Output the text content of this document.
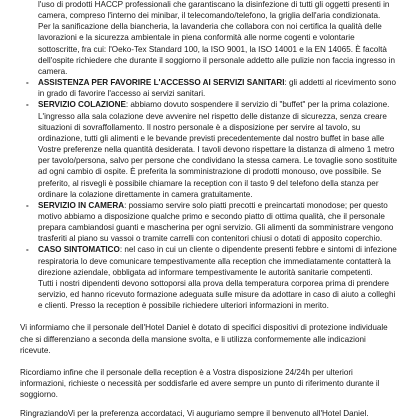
l'uso di prodotti HACCP professionali che garantiscano la disinfezione di tutti gli oggetti presenti in camera, compreso l'interno dei minibar, il telecomando/telefono, la griglia dell'aria condizionata.

Per la sanificazione della biancheria, la lavanderia che collabora con noi certifica la qualità delle lavorazioni e la sicurezza ambientale in piena conformità alle norme cogenti e volontarie sottoscritte, fra cui: l'Oeko-Tex Standard 100, la ISO 9001, la ISO 14001 e la EN 14065. È facoltà dell'ospite richiedere che durante il soggiorno il personale addetto alle pulizie non faccia ingresso in camera.

- ASSISTENZA PER FAVORIRE L'ACCESSO AI SERVIZI SANITARI: gli addetti al ricevimento sono in grado di favorire l'accesso ai servizi sanitari.

- SERVIZIO COLAZIONE: abbiamo dovuto sospendere il servizio di "buffet" per la prima colazione.

L'ingresso alla sala colazione deve avvenire nel rispetto delle distanze di sicurezza, senza creare situazioni di sovraffollamento. Il nostro personale è a disposizione per servire al tavolo, su ordinazione, tutti gli alimenti e le bevande previsti precedentemente dal nostro buffet in base alle Vostre preferenze nella quantità desiderata. I tavoli devono rispettare la distanza di almeno 1 metro per tavolo/persona, salvo per persone che condividano la stessa camera. Le tovaglie sono sostituite ad ogni cambio di ospite. È preferita la somministrazione di prodotti monouso, ove possibile. Se preferito, al risvegli è possibile chiamare la reception con il tasto 9 del telefono della stanza per ordinare la colazione direttamente in camera gratuitamente.

- SERVIZIO IN CAMERA: possiamo servire solo piatti precotti e preincartati monodose; per questo motivo abbiamo a disposizione qualche primo e secondo piatto di ottima qualità, che il personale prepara cambiandosi guanti e mascherina per ogni servizio. Gli alimenti da somministrare vengono trasferiti al piano su vassoi o tramite carrelli con contenitori chiusi o dotati di apposito coperchio.

- CASO SINTOMATICO: nel caso in cui un cliente o dipendente presenti febbre e sintomi di infezione respiratoria lo deve comunicare tempestivamente alla reception che immediatamente contatterà la direzione aziendale, obbligata ad informare tempestivamente le autorità sanitarie competenti.

Tutti i nostri dipendenti devono sottoporsi alla prova della temperatura corporea prima di prendere servizio, ed hanno ricevuto formazione adeguata sulle misure da adottare in caso di aiuto a colleghi e clienti. Presso la reception è possibile richiedere ulteriori informazioni in merito.

Vi informiamo che il personale dell'Hotel Daniel è dotato di specifici dispositivi di protezione individuale che si differenziano a seconda della mansione svolta, e li utilizza conformemente alle indicazioni ricevute.

Ricordiamo infine che il personale della reception è a Vostra disposizione 24/24h per ulteriori informazioni, richieste o necessità per soddisfarle ed avere sempre un punto di riferimento durante il soggiorno.

RingraziandoVi per la preferenza accordataci, Vi auguriamo sempre il benvenuto all'Hotel Daniel.
